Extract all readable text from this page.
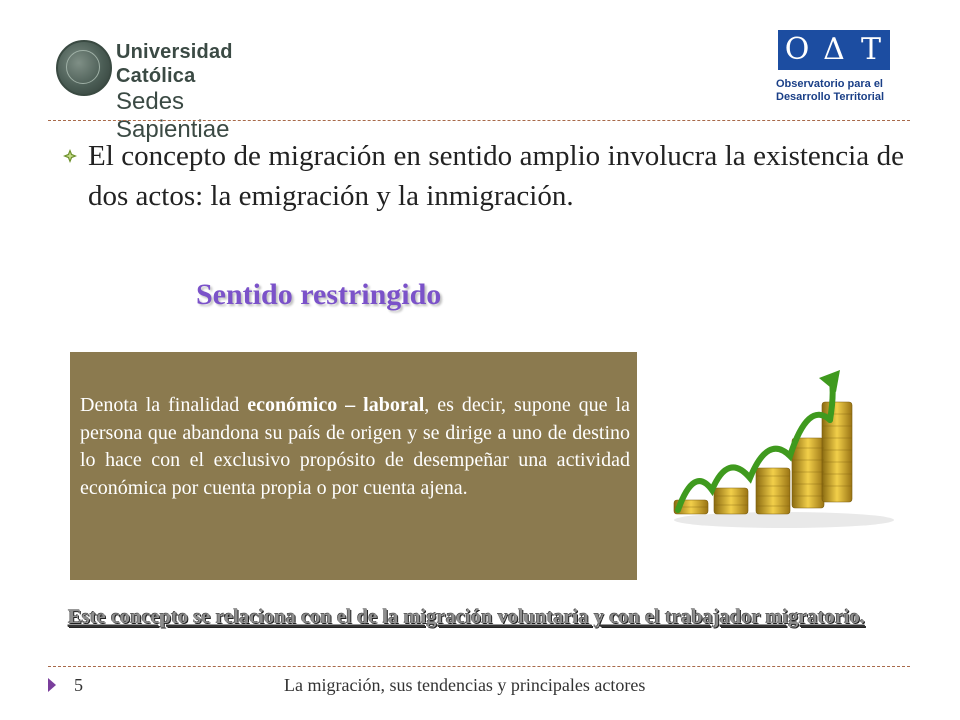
Universidad Católica
Sedes Sapientiae
O Δ T
Observatorio para el
Desarrollo Territorial
El concepto de migración en sentido amplio involucra la existencia de dos actos: la emigración y la inmigración.
Sentido restringido
Denota la finalidad económico – laboral, es decir, supone que la persona que abandona su país de origen y se dirige a uno de destino lo hace con el exclusivo propósito de desempeñar una actividad económica por cuenta propia o por cuenta ajena.
Este concepto se relaciona con el de la migración voluntaria y con el trabajador migratorio.
5	La migración, sus tendencias y principales actores
